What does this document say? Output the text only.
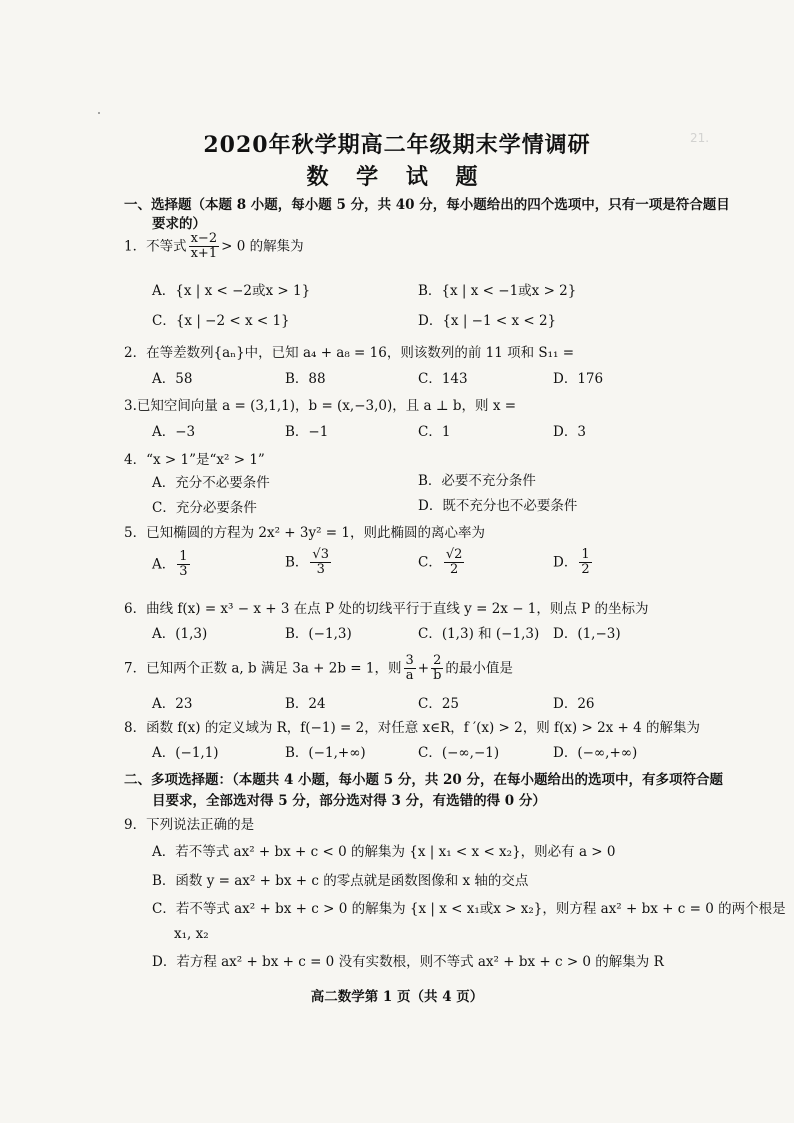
21.
2020年秋学期高二年级期末学情调研
数 学 试 题
一、选择题（本题 8 小题，每小题 5 分，共 40 分，每小题给出的四个选项中，只有一项是符合题目
要求的）
1．不等式 $\frac{x-2}{x+1} > 0$ 的解集为
A．{x | x < −2或x > 1}	B．{x | x < −1或x > 2}
C．{x | −2 < x < 1}	D．{x | −1 < x < 2}
2．在等差数列{aₙ}中，已知 a₄ + a₈ = 16，则该数列的前 11 项和 S₁₁ =
A．58	B．88	C．143	D．176
3.已知空间向量 a = (3,1,1)，b = (x,−3,0)，且 a ⊥ b，则 x =
A．−3	B．−1	C．1	D．3
4．“x > 1”是“x² > 1”
A．充分不必要条件	B．必要不充分条件
C．充分必要条件	D．既不充分也不必要条件
5．已知椭圆的方程为 2x² + 3y² = 1，则此椭圆的离心率为
A． $\frac{1}{3}$	B． $\frac{√3}{3}$	C． $\frac{√2}{2}$	D． $\frac{1}{2}$
6．曲线 f(x) = x³ − x + 3 在点 P 处的切线平行于直线 y = 2x − 1，则点 P 的坐标为
A．(1,3)	B．(−1,3)	C．(1,3) 和 (−1,3) D．(1,−3)
7．已知两个正数 a, b 满足 3a + 2b = 1，则 $\frac{3}{a} + \frac{2}{b}$ 的最小值是
A．23	B．24	C．25	D．26
8．函数 f(x) 的定义域为 R，f(−1) = 2，对任意 x∈R，f ′(x) > 2，则 f(x) > 2x + 4 的解集为
A．(−1,1)	B．(−1,+∞)	C．(−∞,−1)	D．(−∞,+∞)
二、多项选择题：（本题共 4 小题，每小题 5 分，共 20 分，在每小题给出的选项中，有多项符合题
目要求，全部选对得 5 分，部分选对得 3 分，有选错的得 0 分）
9．下列说法正确的是
A．若不等式 ax² + bx + c < 0 的解集为 {x | x₁ < x < x₂}，则必有 a > 0
B．函数 y = ax² + bx + c 的零点就是函数图像和 x 轴的交点
C．若不等式 ax² + bx + c > 0 的解集为 {x | x < x₁或x > x₂}，则方程 ax² + bx + c = 0 的两个根是
x₁, x₂
D．若方程 ax² + bx + c = 0 没有实数根，则不等式 ax² + bx + c > 0 的解集为 R
高二数学第 1 页（共 4 页）
